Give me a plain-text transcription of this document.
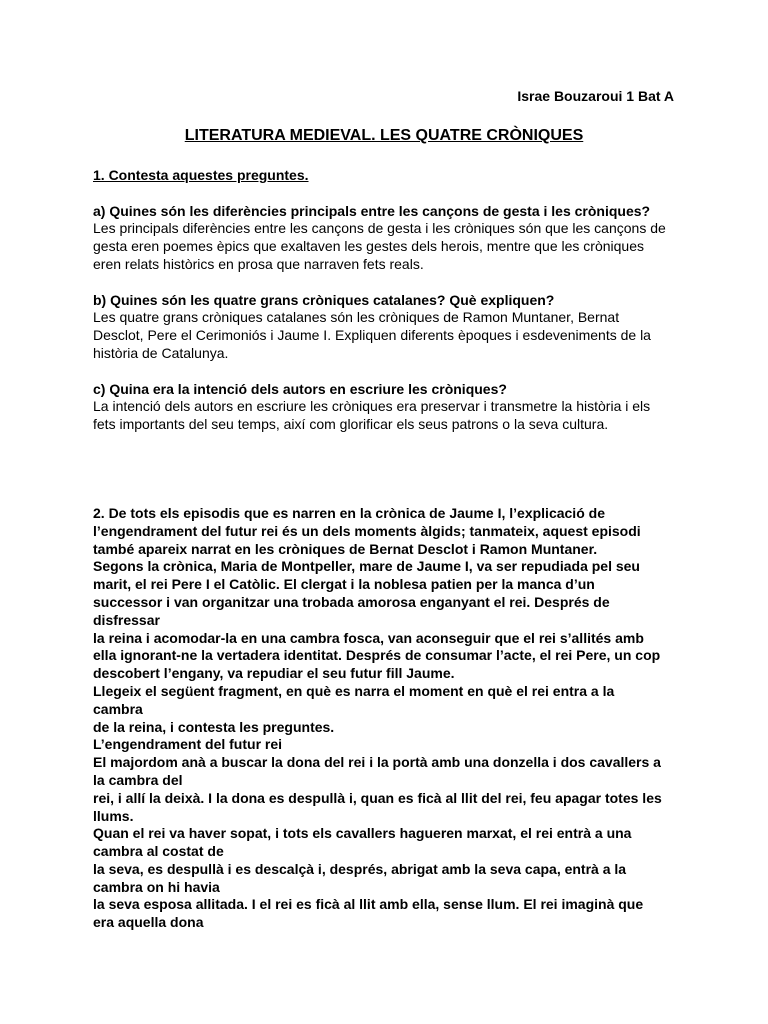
Israe Bouzaroui 1 Bat A
LITERATURA MEDIEVAL. LES QUATRE CRÒNIQUES
1. Contesta aquestes preguntes.
a) Quines són les diferències principals entre les cançons de gesta i les cròniques?
Les principals diferències entre les cançons de gesta i les cròniques són que les cançons de
gesta eren poemes èpics que exaltaven les gestes dels herois, mentre que les cròniques
eren relats històrics en prosa que narraven fets reals.
b) Quines són les quatre grans cròniques catalanes? Què expliquen?
Les quatre grans cròniques catalanes són les cròniques de Ramon Muntaner, Bernat
Desclot, Pere el Cerimoniós i Jaume I. Expliquen diferents èpoques i esdeveniments de la
història de Catalunya.
c) Quina era la intenció dels autors en escriure les cròniques?
La intenció dels autors en escriure les cròniques era preservar i transmetre la història i els
fets importants del seu temps, així com glorificar els seus patrons o la seva cultura.
2. De tots els episodis que es narren en la crònica de Jaume I, l’explicació de
l’engendrament del futur rei és un dels moments àlgids; tanmateix, aquest episodi
també apareix narrat en les cròniques de Bernat Desclot i Ramon Muntaner.
Segons la crònica, Maria de Montpeller, mare de Jaume I, va ser repudiada pel seu
marit, el rei Pere I el Catòlic. El clergat i la noblesa patien per la manca d’un
successor i van organitzar una trobada amorosa enganyant el rei. Després de
disfressar
la reina i acomodar-la en una cambra fosca, van aconseguir que el rei s’allités amb
ella ignorant-ne la vertadera identitat. Després de consumar l’acte, el rei Pere, un cop
descobert l’engany, va repudiar el seu futur fill Jaume.
Llegeix el següent fragment, en què es narra el moment en què el rei entra a la
cambra
de la reina, i contesta les preguntes.
L’engendrament del futur rei
El majordom anà a buscar la dona del rei i la portà amb una donzella i dos cavallers a
la cambra del
rei, i allí la deixà. I la dona es despullà i, quan es ficà al llit del rei, feu apagar totes les
llums.
Quan el rei va haver sopat, i tots els cavallers hagueren marxat, el rei entrà a una
cambra al costat de
la seva, es despullà i es descalçà i, després, abrigat amb la seva capa, entrà a la
cambra on hi havia
la seva esposa allitada. I el rei es ficà al llit amb ella, sense llum. El rei imaginà que
era aquella dona
